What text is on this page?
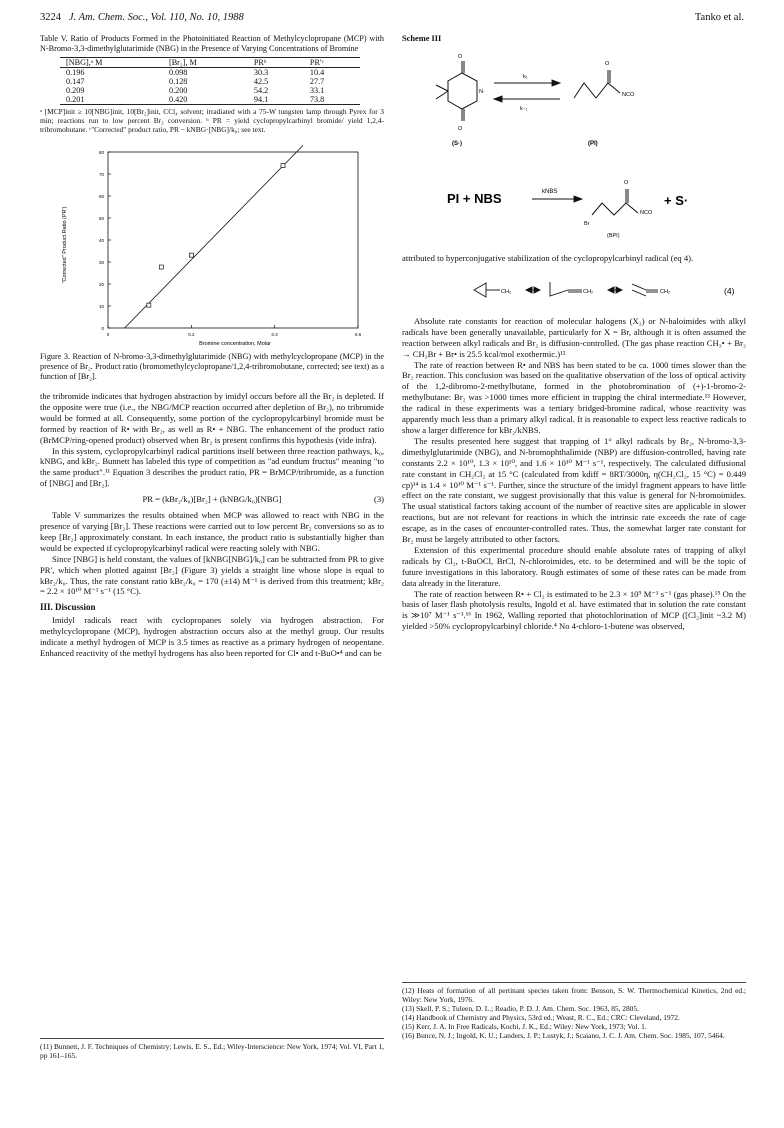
3224 J. Am. Chem. Soc., Vol. 110, No. 10, 1988	Tanko et al.
Table V. Ratio of Products Formed in the Photoinitiated Reaction of Methylcyclopropane (MCP) with N-Bromo-3,3-dimethylglutarimide (NBG) in the Presence of Varying Concentrations of Bromine
[NBG],ᵃ M	[Br₂], M	PRᵇ	PR′ᶜ
0.196	0.098	30.3	10.4
0.147	0.128	42.5	27.7
0.209	0.200	54.2	33.1
0.201	0.420	94.1	73.8
ᵃ [MCP]init ≥ 10[NBG]init, 10[Br₂]init, CCl₄ solvent; irradiated with a 75-W tungsten lamp through Pyrex for 3 min; reactions run to low percent Br₂ conversion. ᵇ PR = yield cyclopropylcarbinyl bromide/ yield 1,2,4-tribromobutane. ᶜ"Corrected" product ratio, PR − kNBG·[NBG]/k₀; see text.
0
10
20
30
40
50
60
70
80
0	0.2	0.4	0.6
"Corrected" Product Ratio (PR')
Bromine concentration, Molar
Figure 3. Reaction of N-bromo-3,3-dimethylglutarimide (NBG) with methylcyclopropane (MCP) in the presence of Br₂. Product ratio (bromomethylcyclopropane/1,2,4-tribromobutane, corrected; see text) as a function of [Br₂].
the tribromide indicates that hydrogen abstraction by imidyl occurs before all the Br₂ is depleted. If the opposite were true (i.e., the NBG/MCP reaction occurred after depletion of Br₂), no tribromide would be formed at all. Consequently, some portion of the cyclopropylcarbinyl bromide must be formed by reaction of R• with Br₂, as well as R• + NBG. The enhancement of the product ratio (BrMCP/ring-opened product) observed when Br₂ is present confirms this hypothesis (vide infra).
In this system, cyclopropylcarbinyl radical partitions itself between three reaction pathways, k₀, kNBG, and kBr₂. Bunnett has labeled this type of competition as "ad eundum fructus" meaning "to the same product".¹¹ Equation 3 describes the product ratio, PR = BrMCP/tribromide, as a function of [NBG] and [Br₂].
PR = (kBr₂/k₀)[Br₂] + (kNBG/k₀)[NBG]	(3)
Table V summarizes the results obtained when MCP was allowed to react with NBG in the presence of varying [Br₂]. These reactions were carried out to low percent Br₂ conversions so as to keep [Br₂] approximately constant. In each instance, the product ratio is substantially higher than would be expected if cyclopropylcarbinyl radical were reacting solely with NBG.
Since [NBG] is held constant, the values of [kNBG[NBG]/k₀] can be subtracted from PR to give PR′, which when plotted against [Br₂] (Figure 3) yields a straight line whose slope is equal to kBr₂/k₀. Thus, the rate constant ratio kBr₂/k₀ = 170 (±14) M⁻¹ is derived from this treatment; kBr₂ = 2.2 × 10¹⁰ M⁻¹ s⁻¹ (15 °C).
III. Discussion
Imidyl radicals react with cyclopropanes solely via hydrogen abstraction. For methylcyclopropane (MCP), hydrogen abstraction occurs also at the methyl group. Our results indicate a methyl hydrogen of MCP is 3.5 times as reactive as a primary hydrogen of neopentane. Enhanced reactivity of the methyl hydrogens has also been reported for Cl• and t-BuO•⁴ and can be
(11) Bunnett, J. F. Techniques of Chemistry; Lewis, E. S., Ed.; Wiley-Interscience: New York, 1974; Vol. VI, Part 1, pp 161–165.
Scheme III
O
O
N·
(S·)
k₁
k₋₁
O
NCO
(PI)
PI + NBS	kNBS
O
NCO
Br
(BPI)
+ S·
attributed to hyperconjugative stabilization of the cyclopropylcarbinyl radical (eq 4).
CH₂	CH₂	CH₂	(4)
Absolute rate constants for reaction of molecular halogens (X₂) or N-haloimides with alkyl radicals have been generally unavailable, particularly for X = Br, although it is often assumed the reaction between alkyl radicals and Br₂ is diffusion-controlled. (The gas phase reaction CH₃• + Br₂ → CH₃Br + Br• is 25.5 kcal/mol exothermic.)¹²
The rate of reaction between R• and NBS has been stated to be ca. 1000 times slower than the Br₂ reaction. This conclusion was based on the qualitative observation of the loss of optical activity of the 1,2-dibromo-2-methylbutane, formed in the photobromination of (+)-1-bromo-2-methylbutane: Br₂ was >1000 times more efficient in trapping the chiral intermediate.¹³ However, the radical in these experiments was a tertiary bridged-bromine radical, whose reactivity was apparently much less than a primary alkyl radical. It is reasonable to expect less reactive radicals to show a larger difference for kBr₂/kNBS.
The results presented here suggest that trapping of 1° alkyl radicals by Br₂, N-bromo-3,3-dimethylglutarimide (NBG), and N-bromophthalimide (NBP) are diffusion-controlled, having rate constants 2.2 × 10¹⁰, 1.3 × 10¹⁰, and 1.6 × 10¹⁰ M⁻¹ s⁻¹, respectively. The calculated diffusional rate constant in CH₂Cl₂ at 15 °C (calculated from kdiff = 8RT/3000η, η(CH₂Cl₂, 15 °C) = 0.449 cp)¹⁴ is 1.4 × 10¹⁰ M⁻¹ s⁻¹. Further, since the structure of the imidyl fragment appears to have little effect on the rate constant, we suggest provisionally that this value is general for N-bromoimides. The usual statistical factors taking account of the number of reactive sites are applicable in slower reactions, but are not relevant for reactions in which the intrinsic rate exceeds the rate of cage escape, as in the cases of encounter-controlled rates. Thus, the somewhat larger rate constant for Br₂ must be largely attributed to other factors.
Extension of this experimental procedure should enable absolute rates of trapping of alkyl radicals by Cl₂, t-BuOCl, BrCl, N-chloroimides, etc. to be determined and will be the topic of future investigations in this laboratory. Rough estimates of some of these rates can be made from data already in the literature.
The rate of reaction between R• + Cl₂ is estimated to be 2.3 × 10⁹ M⁻¹ s⁻¹ (gas phase).¹⁵ On the basis of laser flash photolysis results, Ingold et al. have estimated that in solution the rate constant is ≫10⁷ M⁻¹ s⁻¹.¹⁶ In 1962, Walling reported that photochlorination of MCP ([Cl₂]init ~3.2 M) yielded >50% cyclopropylcarbinyl chloride.⁴ No 4-chloro-1-butene was observed,
(12) Heats of formation of all pertinant species taken from: Benson, S. W. Thermochemical Kinetics, 2nd ed.; Wiley: New York, 1976.
(13) Skell, P. S.; Tuleen, D. L.; Readio, P. D. J. Am. Chem. Soc. 1963, 85, 2805.
(14) Handbook of Chemistry and Physics, 53rd ed.; Weast, R. C., Ed.; CRC: Cleveland, 1972.
(15) Kerr, J. A. In Free Radicals, Kochi, J. K., Ed.; Wiley: New York, 1973; Vol. 1.
(16) Bunce, N. J.; Ingold, K. U.; Landers, J. P.; Lustyk, J.; Scaiano, J. C. J. Am. Chem. Soc. 1985, 107, 5464.
